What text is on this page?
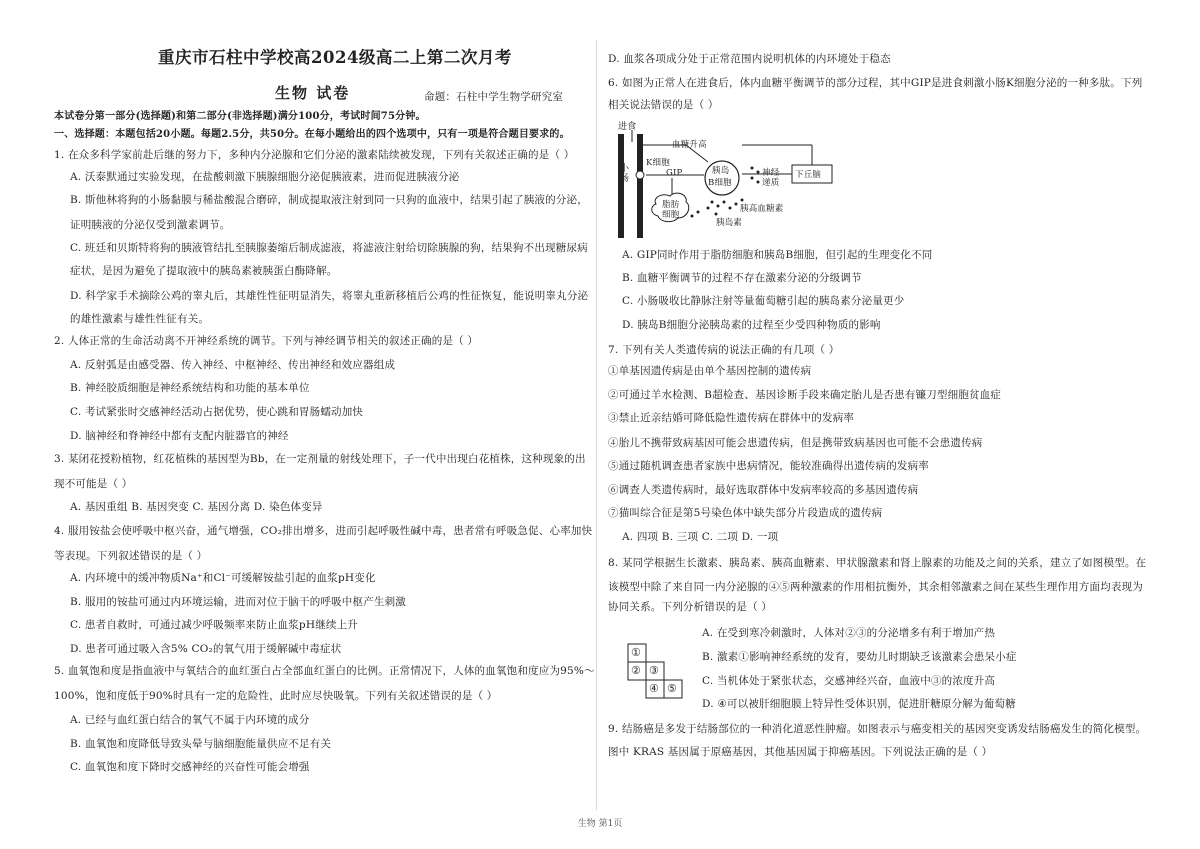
重庆市石柱中学校高2024级高二上第二次月考
生物 试卷	命题：石柱中学生物学研究室
本试卷分第一部分(选择题)和第二部分(非选择题)满分100分，考试时间75分钟。
一、选择题：本题包括20小题。每题2.5分，共50分。在每小题给出的四个选项中，只有一项是符合题目要求的。
1. 在众多科学家前赴后继的努力下，多种内分泌腺和它们分泌的激素陆续被发现，下列有关叙述正确的是（ ）
A. 沃泰默通过实验发现，在盐酸刺激下胰腺细胞分泌促胰液素，进而促进胰液分泌
B. 斯他林将狗的小肠黏膜与稀盐酸混合磨碎，制成提取液注射到同一只狗的血液中，结果引起了胰液的分泌，
证明胰液的分泌仅受到激素调节。
C. 班廷和贝斯特将狗的胰液管结扎至胰腺萎缩后制成滤液，将滤液注射给切除胰腺的狗，结果狗不出现糖尿病
症状，是因为避免了提取液中的胰岛素被胰蛋白酶降解。
D. 科学家手术摘除公鸡的睾丸后，其雄性性征明显消失，将睾丸重新移植后公鸡的性征恢复，能说明睾丸分泌
的雄性激素与雄性性征有关。
2. 人体正常的生命活动离不开神经系统的调节。下列与神经调节相关的叙述正确的是（ ）
A. 反射弧是由感受器、传入神经、中枢神经、传出神经和效应器组成
B. 神经胶质细胞是神经系统结构和功能的基本单位
C. 考试紧张时交感神经活动占据优势，使心跳和胃肠蠕动加快
D. 脑神经和脊神经中都有支配内脏器官的神经
3. 某闭花授粉植物，红花植株的基因型为Bb，在一定剂量的射线处理下，子一代中出现白花植株，这种现象的出
现不可能是（ ）
A. 基因重组 B. 基因突变 C. 基因分离 D. 染色体变异
4. 服用铵盐会使呼吸中枢兴奋，通气增强，CO₂排出增多，进而引起呼吸性碱中毒，患者常有呼吸急促、心率加快
等表现。下列叙述错误的是（ ）
A. 内环境中的缓冲物质Na⁺和Cl⁻可缓解铵盐引起的血浆pH变化
B. 服用的铵盐可通过内环境运输，进而对位于脑干的呼吸中枢产生刺激
C. 患者自救时，可通过减少呼吸频率来防止血浆pH继续上升
D. 患者可通过吸入含5% CO₂的氧气用于缓解碱中毒症状
5. 血氧饱和度是指血液中与氧结合的血红蛋白占全部血红蛋白的比例。正常情况下，人体的血氧饱和度应为95%～
100%，饱和度低于90%时具有一定的危险性，此时应尽快吸氧。下列有关叙述错误的是（ ）
A. 已经与血红蛋白结合的氧气不属于内环境的成分
B. 血氧饱和度降低导致头晕与脑细胞能量供应不足有关
C. 血氧饱和度下降时交感神经的兴奋性可能会增强
D. 血浆各项成分处于正常范围内说明机体的内环境处于稳态
6. 如图为正常人在进食后，体内血糖平衡调节的部分过程，其中GIP是进食刺激小肠K细胞分泌的一种多肽。下列
相关说法错误的是（ ）
A. GIP同时作用于脂肪细胞和胰岛B细胞，但引起的生理变化不同
B. 血糖平衡调节的过程不存在激素分泌的分级调节
C. 小肠吸收比静脉注射等量葡萄糖引起的胰岛素分泌量更少
D. 胰岛B细胞分泌胰岛素的过程至少受四种物质的影响
7. 下列有关人类遗传病的说法正确的有几项（ ）
①单基因遗传病是由单个基因控制的遗传病
②可通过羊水检测、B超检查、基因诊断手段来确定胎儿是否患有镰刀型细胞贫血症
③禁止近亲结婚可降低隐性遗传病在群体中的发病率
④胎儿不携带致病基因可能会患遗传病，但是携带致病基因也可能不会患遗传病
⑤通过随机调查患者家族中患病情况，能较准确得出遗传病的发病率
⑥调查人类遗传病时，最好选取群体中发病率较高的多基因遗传病
⑦猫叫综合征是第5号染色体中缺失部分片段造成的遗传病
A. 四项 B. 三项 C. 二项 D. 一项
8. 某同学根据生长激素、胰岛素、胰高血糖素、甲状腺激素和肾上腺素的功能及之间的关系，建立了如图模型。在
该模型中除了来自同一内分泌腺的④⑤两种激素的作用相抗衡外，其余相邻激素之间在某些生理作用方面均表现为
协同关系。下列分析错误的是（ ）
A. 在受到寒冷刺激时，人体对②③的分泌增多有利于增加产热
B. 激素①影响神经系统的发育，要幼儿时期缺乏该激素会患呆小症
C. 当机体处于紧张状态，交感神经兴奋，血液中③的浓度升高
D. ④可以被肝细胞膜上特异性受体识别，促进肝糖原分解为葡萄糖
9. 结肠癌是多发于结肠部位的一种消化道恶性肿瘤。如图表示与癌变相关的基因突变诱发结肠癌发生的简化模型。
图中 KRAS 基因属于原癌基因，其他基因属于抑癌基因。下列说法正确的是（ ）
进食
小肠
K细胞
GIP
血糖升高
胰岛
B细胞
神经递质
下丘脑
脂肪细胞
胰岛素
胰高血糖素
①
② ③
④ ⑤
生物 第1页
